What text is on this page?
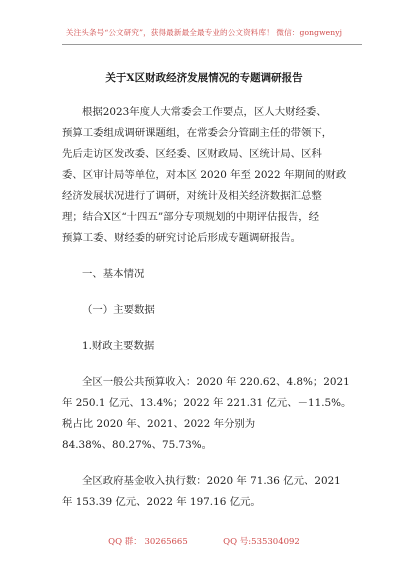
关注头条号“公文研究”，获得最新最全最专业的公文资料库！ 微信：gongwenyj
关于X区财政经济发展情况的专题调研报告
根据2023年度人大常委会工作要点，区人大财经委、
预算工委组成调研课题组，在常委会分管副主任的带领下，
先后走访区发改委、区经委、区财政局、区统计局、区科
委、区审计局等单位，对本区 2020 年至 2022 年期间的财政
经济发展状况进行了调研，对统计及相关经济数据汇总整
理；结合X区“十四五”部分专项规划的中期评估报告，经
预算工委、财经委的研究讨论后形成专题调研报告。
一、基本情况
（一）主要数据
1.财政主要数据
全区一般公共预算收入：2020 年 220.62、4.8%；2021
年 250.1 亿元、13.4%；2022 年 221.31 亿元、－11.5%。
税占比 2020 年、2021、2022 年分别为
84.38%、80.27%、75.73%。
全区政府基金收入执行数：2020 年 71.36 亿元、2021
年 153.39 亿元、2022 年 197.16 亿元。
QQ 群： 30265665	QQ 号:535304092
